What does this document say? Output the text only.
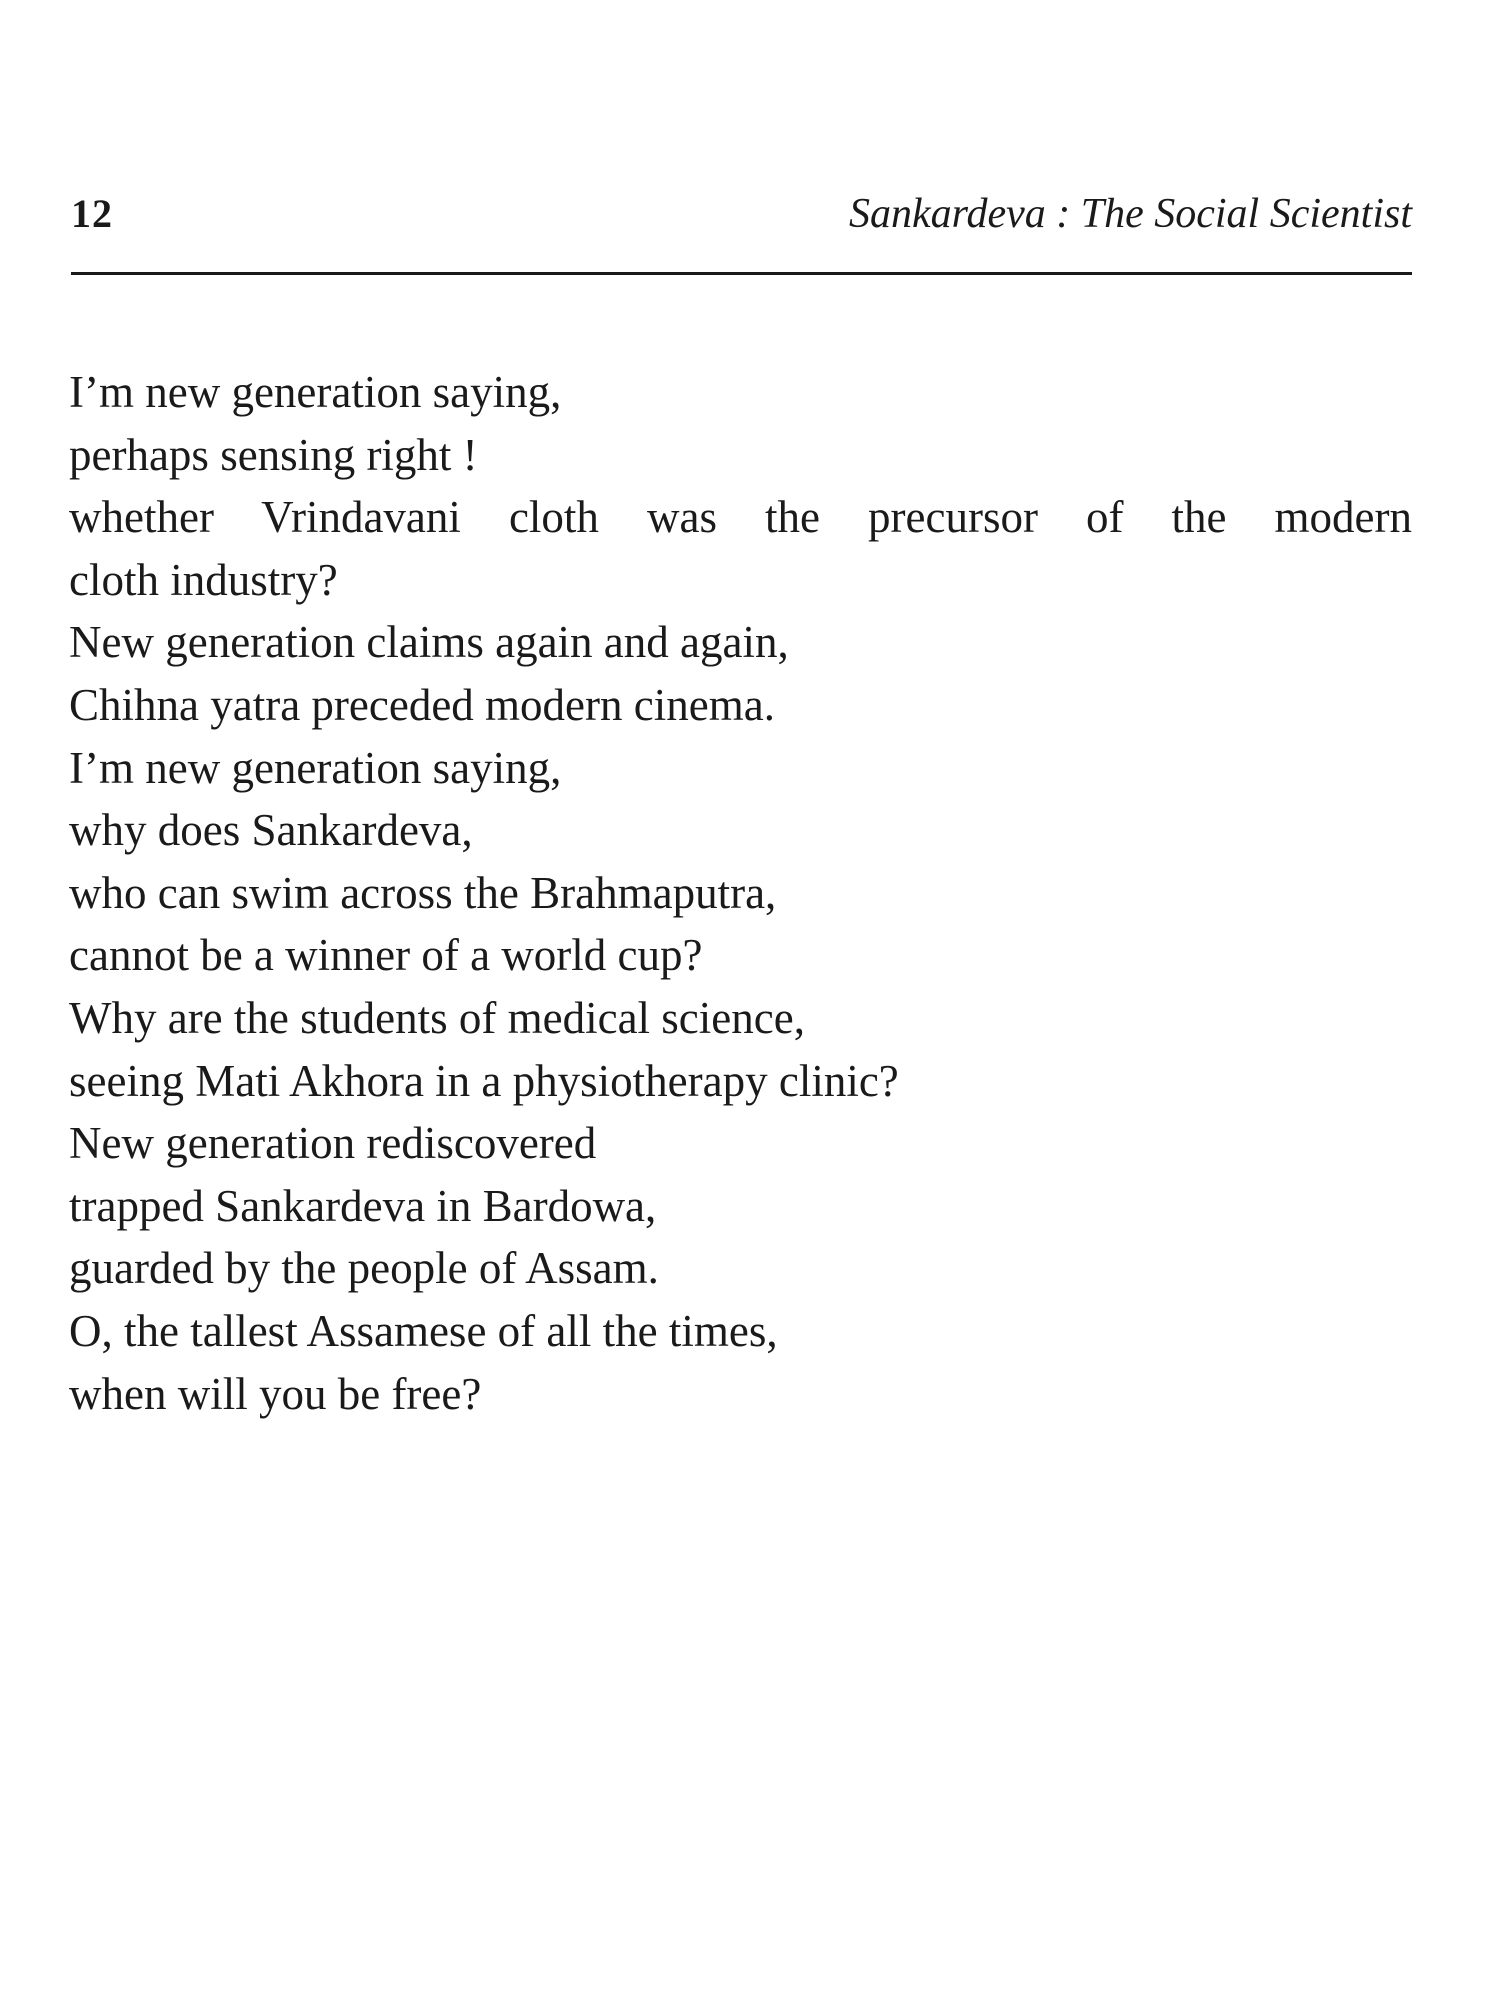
12	Sankardeva : The Social Scientist
I’m new generation saying,
perhaps sensing right !
whether Vrindavani cloth was the precursor of the modern
cloth industry?
New generation claims again and again,
Chihna yatra preceded modern cinema.
I’m new generation saying,
why does Sankardeva,
who can swim across the Brahmaputra,
cannot be a winner of a world cup?
Why are the students of medical science,
seeing Mati Akhora in a physiotherapy clinic?
New generation rediscovered
trapped Sankardeva in Bardowa,
guarded by the people of Assam.
O, the tallest Assamese of all the times,
when will you be free?
